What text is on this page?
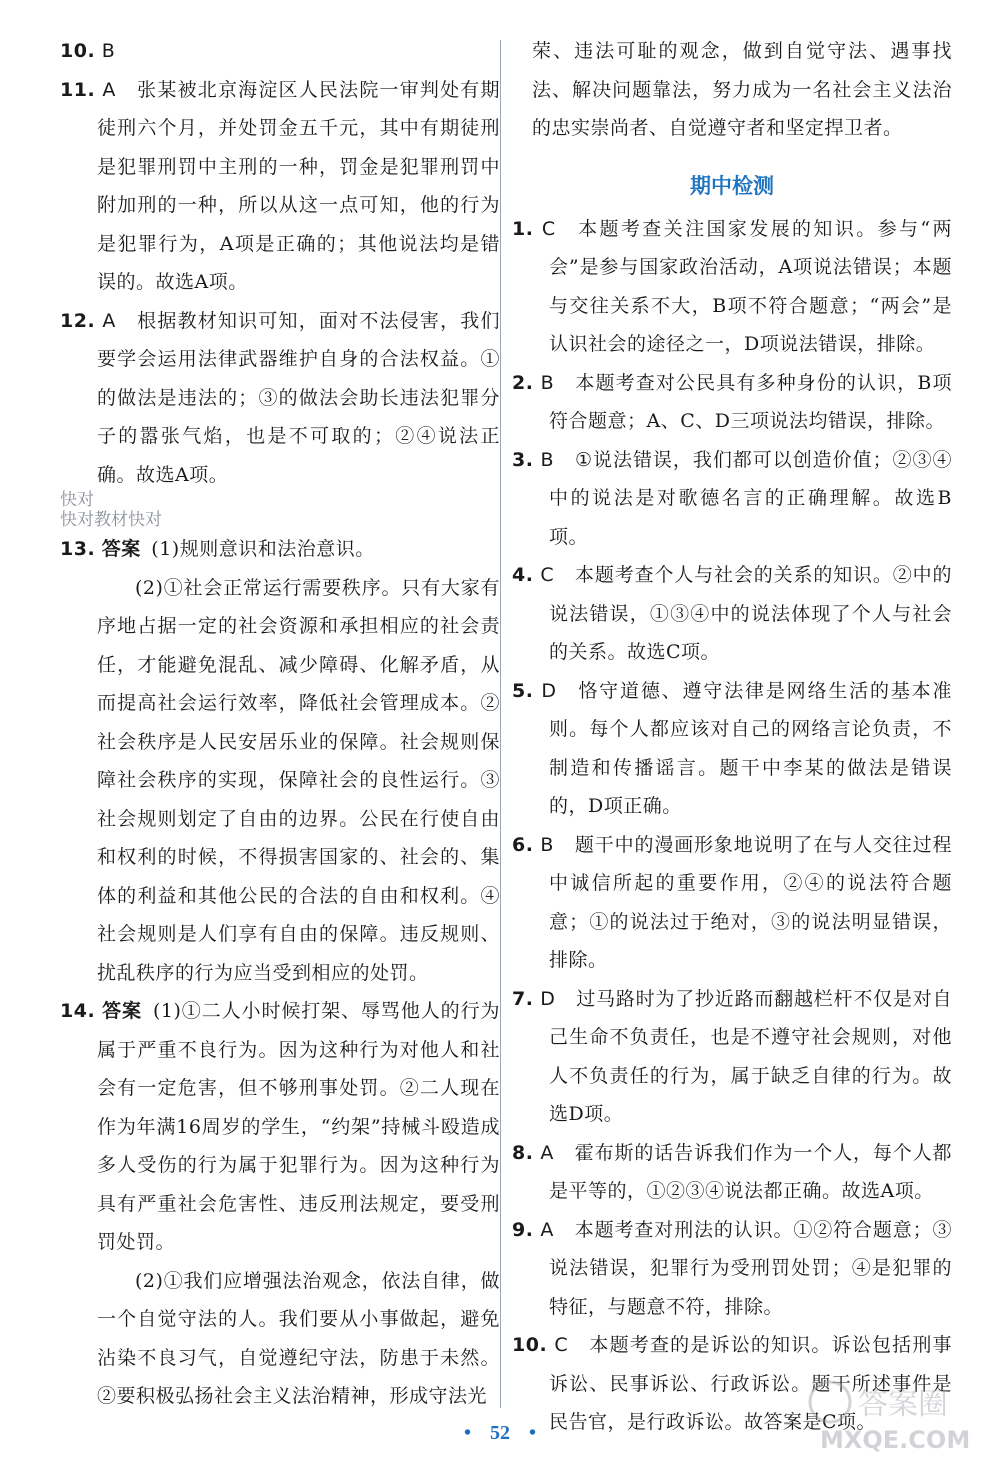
10. B
11. A 张某被北京海淀区人民法院一审判处有期徒刑六个月，并处罚金五千元，其中有期徒刑是犯罪刑罚中主刑的一种，罚金是犯罪刑罚中附加刑的一种，所以从这一点可知，他的行为是犯罪行为，A项是正确的；其他说法均是错误的。故选A项。
12. A 根据教材知识可知，面对不法侵害，我们要学会运用法律武器维护自身的合法权益。①的做法是违法的；③的做法会助长违法犯罪分子的嚣张气焰，也是不可取的；②④说法正确。故选A项。
快对
快对教材快对
13. 答案 (1)规则意识和法治意识。
(2)①社会正常运行需要秩序。只有大家有序地占据一定的社会资源和承担相应的社会责任，才能避免混乱、减少障碍、化解矛盾，从而提高社会运行效率，降低社会管理成本。②社会秩序是人民安居乐业的保障。社会规则保障社会秩序的实现，保障社会的良性运行。③社会规则划定了自由的边界。公民在行使自由和权利的时候，不得损害国家的、社会的、集体的利益和其他公民的合法的自由和权利。④社会规则是人们享有自由的保障。违反规则、扰乱秩序的行为应当受到相应的处罚。
14. 答案 (1)①二人小时候打架、辱骂他人的行为属于严重不良行为。因为这种行为对他人和社会有一定危害，但不够刑事处罚。②二人现在作为年满16周岁的学生，“约架”持械斗殴造成多人受伤的行为属于犯罪行为。因为这种行为具有严重社会危害性、违反刑法规定，要受刑罚处罚。
(2)①我们应增强法治观念，依法自律，做一个自觉守法的人。我们要从小事做起，避免沾染不良习气，自觉遵纪守法，防患于未然。②要积极弘扬社会主义法治精神，形成守法光
荣、违法可耻的观念，做到自觉守法、遇事找法、解决问题靠法，努力成为一名社会主义法治的忠实崇尚者、自觉遵守者和坚定捍卫者。
期中检测
1. C 本题考查关注国家发展的知识。参与“两会”是参与国家政治活动，A项说法错误；本题与交往关系不大，B项不符合题意；“两会”是认识社会的途径之一，D项说法错误，排除。
2. B 本题考查对公民具有多种身份的认识，B项符合题意；A、C、D三项说法均错误，排除。
3. B ①说法错误，我们都可以创造价值；②③④中的说法是对歌德名言的正确理解。故选B项。
4. C 本题考查个人与社会的关系的知识。②中的说法错误，①③④中的说法体现了个人与社会的关系。故选C项。
5. D 恪守道德、遵守法律是网络生活的基本准则。每个人都应该对自己的网络言论负责，不制造和传播谣言。题干中李某的做法是错误的，D项正确。
6. B 题干中的漫画形象地说明了在与人交往过程中诚信所起的重要作用，②④的说法符合题意；①的说法过于绝对，③的说法明显错误，排除。
7. D 过马路时为了抄近路而翻越栏杆不仅是对自己生命不负责任，也是不遵守社会规则，对他人不负责任的行为，属于缺乏自律的行为。故选D项。
8. A 霍布斯的话告诉我们作为一个人，每个人都是平等的，①②③④说法都正确。故选A项。
9. A 本题考查对刑法的认识。①②符合题意；③说法错误，犯罪行为受刑罚处罚；④是犯罪的特征，与题意不符，排除。
10. C 本题考查的是诉讼的知识。诉讼包括刑事诉讼、民事诉讼、行政诉讼。题干所述事件是民告官，是行政诉讼。故答案是C项。
• 52 •
答案圈
MXQE.COM
